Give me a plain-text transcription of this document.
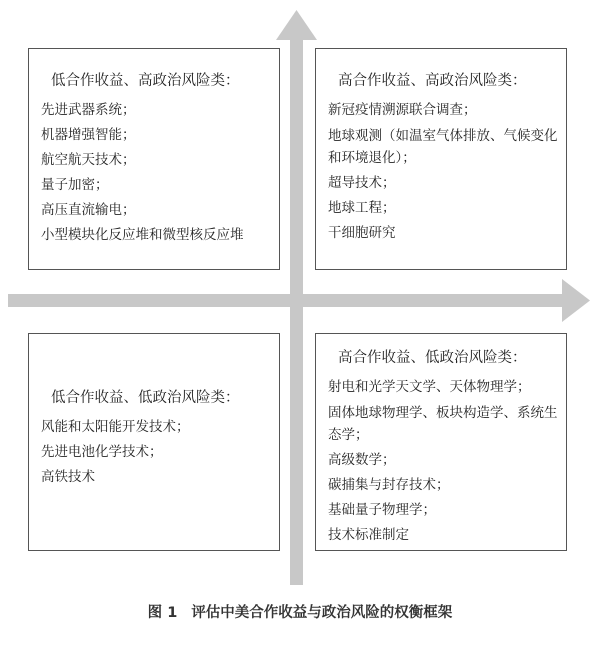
低合作收益、高政治风险类：
先进武器系统；
机器增强智能；
航空航天技术；
量子加密；
高压直流输电；
小型模块化反应堆和微型核反应堆
高合作收益、高政治风险类：
新冠疫情溯源联合调查；
地球观测（如温室气体排放、气候变化和环境退化）；
超导技术；
地球工程；
干细胞研究
低合作收益、低政治风险类：
风能和太阳能开发技术；
先进电池化学技术；
高铁技术
高合作收益、低政治风险类：
射电和光学天文学、天体物理学；
固体地球物理学、板块构造学、系统生态学；
高级数学；
碳捕集与封存技术；
基础量子物理学；
技术标准制定
图 1 评估中美合作收益与政治风险的权衡框架
